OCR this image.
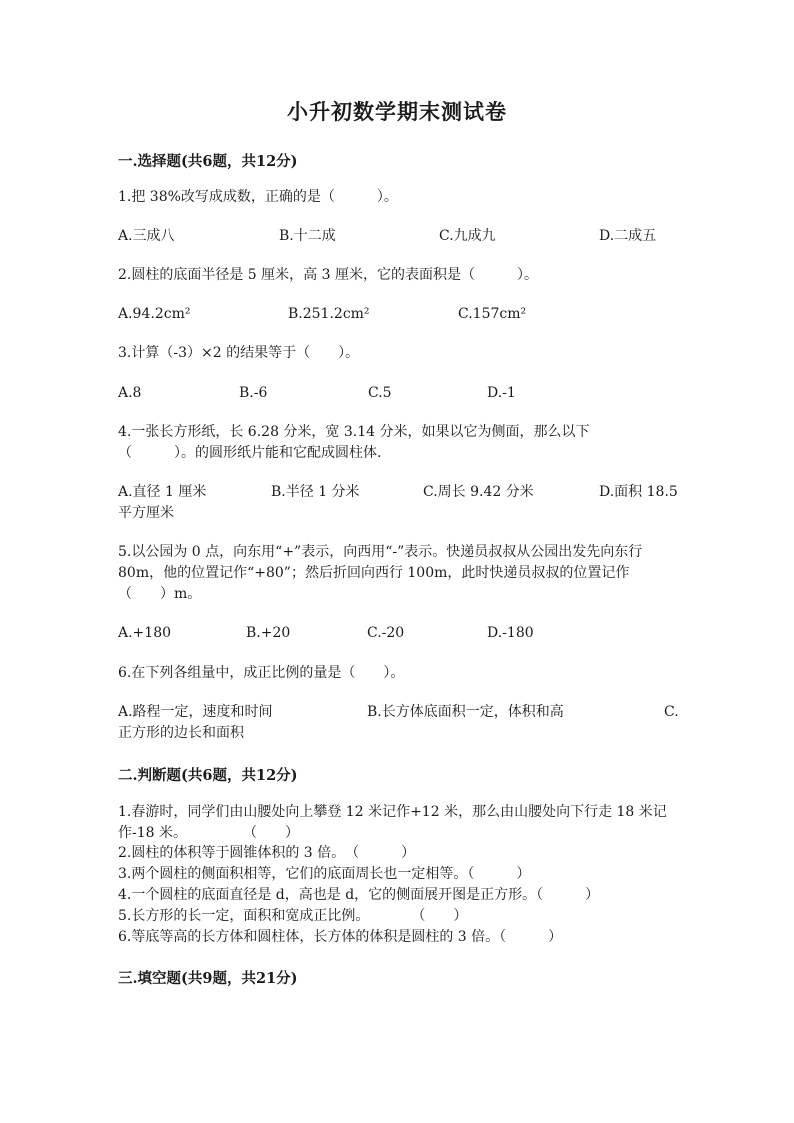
小升初数学期末测试卷
一.选择题(共6题，共12分)
1.把 38%改写成成数，正确的是（　　　）。
A.三成八	B.十二成	C.九成九	D.二成五
2.圆柱的底面半径是 5 厘米，高 3 厘米，它的表面积是（　　　）。
A.94.2cm²	B.251.2cm²	C.157cm²
3.计算（-3）×2 的结果等于（　　）。
A.8	B.-6	C.5	D.-1
4.一张长方形纸，长 6.28 分米，宽 3.14 分米，如果以它为侧面，那么以下（　　　）。的圆形纸片能和它配成圆柱体.
A.直径 1 厘米	B.半径 1 分米	C.周长 9.42 分米	D.面积 18.5
平方厘米
5.以公园为 0 点，向东用“+”表示，向西用“-”表示。快递员叔叔从公园出发先向东行 80m，他的位置记作“+80”；然后折回向西行 100m，此时快递员叔叔的位置记作（　　）m。
A.+180	B.+20	C.-20	D.-180
6.在下列各组量中，成正比例的量是（　　）。
A.路程一定，速度和时间	B.长方体底面积一定，体积和高	C.
正方形的边长和面积
二.判断题(共6题，共12分)
1.春游时，同学们由山腰处向上攀登 12 米记作+12 米，那么由山腰处向下行走 18 米记作-18 米。　　　　　（　　）
2.圆柱的体积等于圆锥体积的 3 倍。　（　　　）
3.两个圆柱的侧面积相等，它们的底面周长也一定相等。（　　　）
4.一个圆柱的底面直径是 d，高也是 d，它的侧面展开图是正方形。（　　　）
5.长方形的长一定，面积和宽成正比例。　　　　（　　）
6.等底等高的长方体和圆柱体，长方体的体积是圆柱的 3 倍。（　　　）
三.填空题(共9题，共21分)
